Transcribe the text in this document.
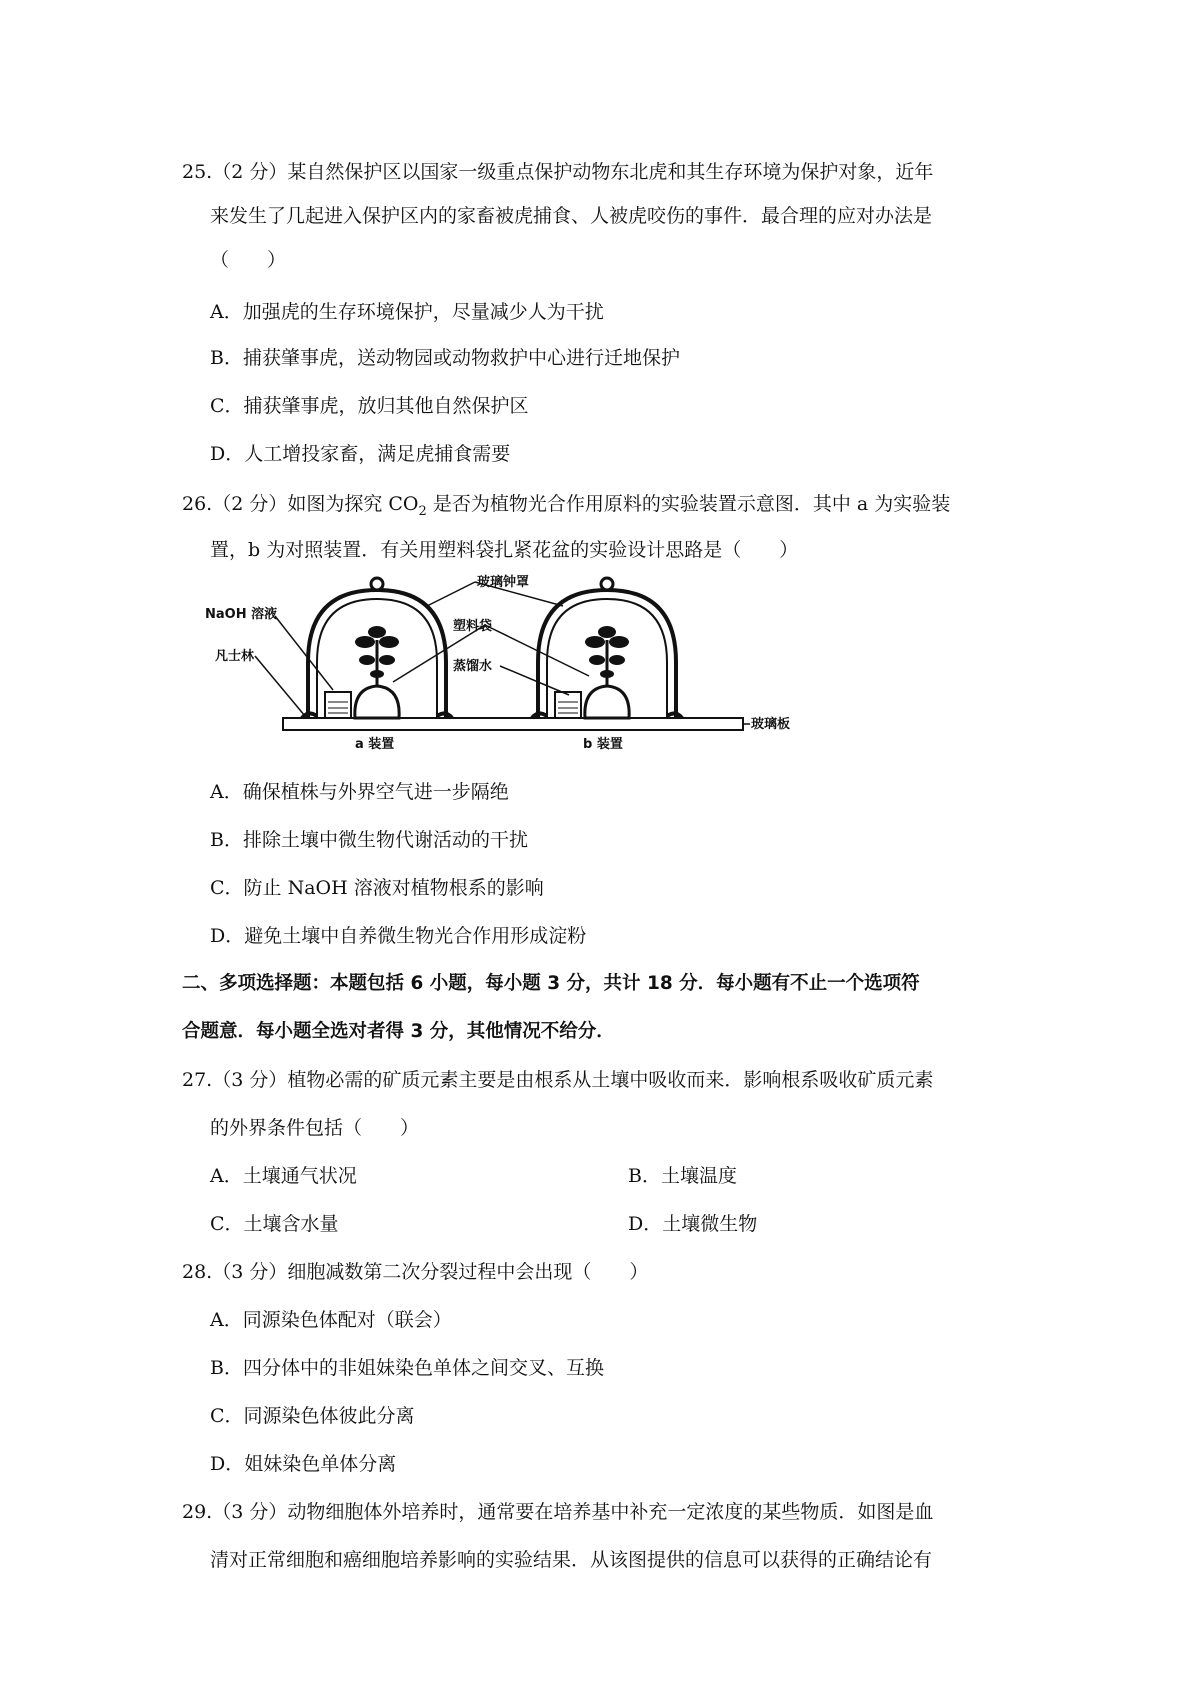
25.（2 分）某自然保护区以国家一级重点保护动物东北虎和其生存环境为保护对象，近年
来发生了几起进入保护区内的家畜被虎捕食、人被虎咬伤的事件．最合理的应对办法是
（　　）
A．加强虎的生存环境保护，尽量减少人为干扰
B．捕获肇事虎，送动物园或动物救护中心进行迁地保护
C．捕获肇事虎，放归其他自然保护区
D．人工增投家畜，满足虎捕食需要
26.（2 分）如图为探究 $CO_2$ 是否为植物光合作用原料的实验装置示意图．其中 a 为实验装
置，b 为对照装置．有关用塑料袋扎紧花盆的实验设计思路是（　　）
玻璃钟罩
NaOH 溶液
塑料袋
凡士林
蒸馏水
玻璃板
a 装置	b 装置
A．确保植株与外界空气进一步隔绝
B．排除土壤中微生物代谢活动的干扰
C．防止 NaOH 溶液对植物根系的影响
D．避免土壤中自养微生物光合作用形成淀粉
二、多项选择题：本题包括 6 小题，每小题 3 分，共计 18 分．每小题有不止一个选项符
合题意．每小题全选对者得 3 分，其他情况不给分．
27.（3 分）植物必需的矿质元素主要是由根系从土壤中吸收而来．影响根系吸收矿质元素
的外界条件包括（　　）
A．土壤通气状况	B．土壤温度
C．土壤含水量	D．土壤微生物
28.（3 分）细胞减数第二次分裂过程中会出现（　　）
A．同源染色体配对（联会）
B．四分体中的非姐妹染色单体之间交叉、互换
C．同源染色体彼此分离
D．姐妹染色单体分离
29.（3 分）动物细胞体外培养时，通常要在培养基中补充一定浓度的某些物质．如图是血
清对正常细胞和癌细胞培养影响的实验结果．从该图提供的信息可以获得的正确结论有
